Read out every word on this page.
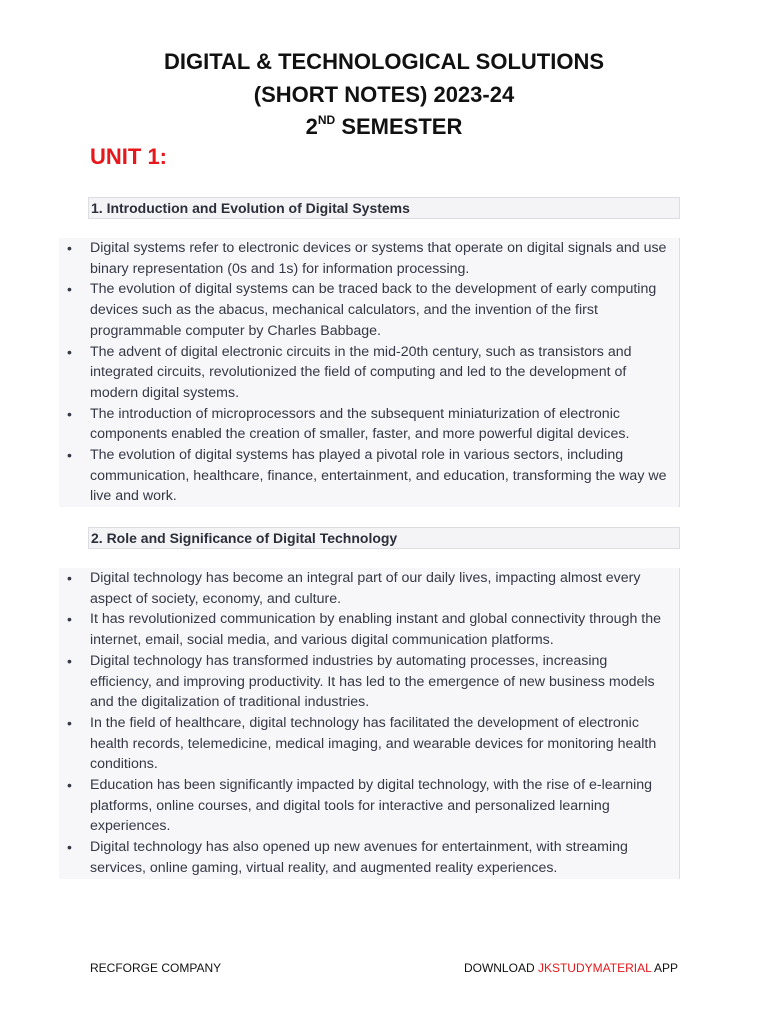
DIGITAL & TECHNOLOGICAL SOLUTIONS
(SHORT NOTES) 2023-24
2ND SEMESTER
UNIT 1:
1. Introduction and Evolution of Digital Systems
• Digital systems refer to electronic devices or systems that operate on digital signals and use binary representation (0s and 1s) for information processing.
• The evolution of digital systems can be traced back to the development of early computing devices such as the abacus, mechanical calculators, and the invention of the first programmable computer by Charles Babbage.
• The advent of digital electronic circuits in the mid-20th century, such as transistors and integrated circuits, revolutionized the field of computing and led to the development of modern digital systems.
• The introduction of microprocessors and the subsequent miniaturization of electronic components enabled the creation of smaller, faster, and more powerful digital devices.
• The evolution of digital systems has played a pivotal role in various sectors, including communication, healthcare, finance, entertainment, and education, transforming the way we live and work.
2. Role and Significance of Digital Technology
• Digital technology has become an integral part of our daily lives, impacting almost every aspect of society, economy, and culture.
• It has revolutionized communication by enabling instant and global connectivity through the internet, email, social media, and various digital communication platforms.
• Digital technology has transformed industries by automating processes, increasing efficiency, and improving productivity. It has led to the emergence of new business models and the digitalization of traditional industries.
• In the field of healthcare, digital technology has facilitated the development of electronic health records, telemedicine, medical imaging, and wearable devices for monitoring health conditions.
• Education has been significantly impacted by digital technology, with the rise of e-learning platforms, online courses, and digital tools for interactive and personalized learning experiences.
• Digital technology has also opened up new avenues for entertainment, with streaming services, online gaming, virtual reality, and augmented reality experiences.
RECFORGE COMPANY	DOWNLOAD JKSTUDYMATERIAL APP
